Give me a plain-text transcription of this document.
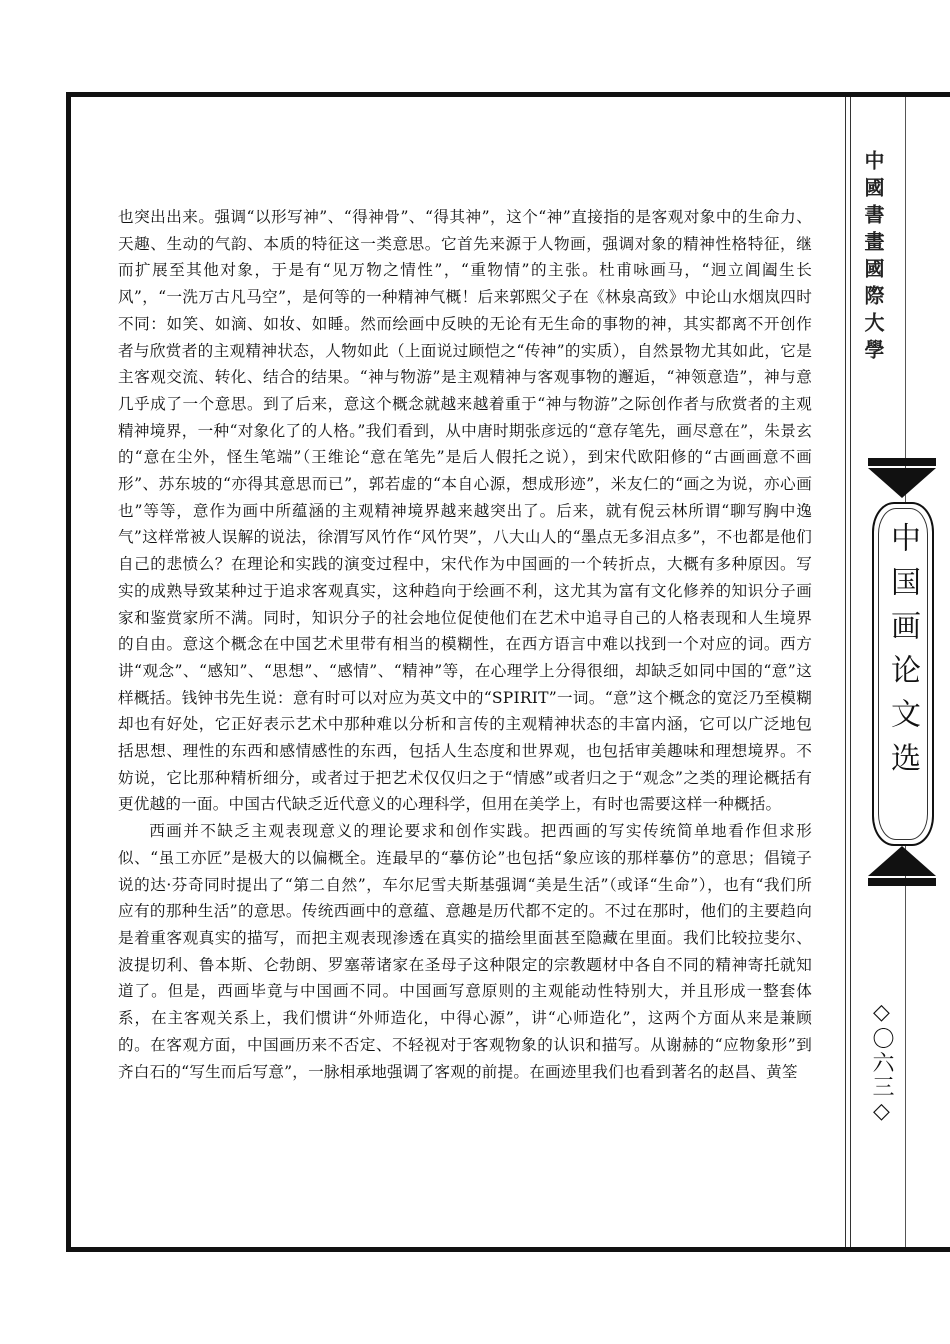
也突出出来。强调“以形写神”、“得神骨”、“得其神”，这个“神”直接指的是客观对象中的生命力、天趣、生动的气韵、本质的特征这一类意思。它首先来源于人物画，强调对象的精神性格特征，继而扩展至其他对象，于是有“见万物之情性”，“重物情”的主张。杜甫咏画马，“迥立阊阖生长风”，“一洗万古凡马空”，是何等的一种精神气概！后来郭熙父子在《林泉高致》中论山水烟岚四时不同：如笑、如滴、如妆、如睡。然而绘画中反映的无论有无生命的事物的神，其实都离不开创作者与欣赏者的主观精神状态，人物如此（上面说过顾恺之“传神”的实质），自然景物尤其如此，它是主客观交流、转化、结合的结果。“神与物游”是主观精神与客观事物的邂逅，“神领意造”，神与意几乎成了一个意思。到了后来，意这个概念就越来越着重于“神与物游”之际创作者与欣赏者的主观精神境界，一种“对象化了的人格。”我们看到，从中唐时期张彦远的“意存笔先，画尽意在”，朱景玄的“意在尘外，怪生笔端”（王维论“意在笔先”是后人假托之说），到宋代欧阳修的“古画画意不画形”、苏东坡的“亦得其意思而已”，郭若虚的“本自心源，想成形迹”，米友仁的“画之为说，亦心画也”等等，意作为画中所蕴涵的主观精神境界越来越突出了。后来，就有倪云林所谓“聊写胸中逸气”这样常被人误解的说法，徐渭写风竹作“风竹哭”，八大山人的“墨点无多泪点多”，不也都是他们自己的悲愤么？在理论和实践的演变过程中，宋代作为中国画的一个转折点，大概有多种原因。写实的成熟导致某种过于追求客观真实，这种趋向于绘画不利，这尤其为富有文化修养的知识分子画家和鉴赏家所不满。同时，知识分子的社会地位促使他们在艺术中追寻自己的人格表现和人生境界的自由。意这个概念在中国艺术里带有相当的模糊性，在西方语言中难以找到一个对应的词。西方讲“观念”、“感知”、“思想”、“感情”、“精神”等，在心理学上分得很细，却缺乏如同中国的“意”这样概括。钱钟书先生说：意有时可以对应为英文中的“SPIRIT”一词。“意”这个概念的宽泛乃至模糊却也有好处，它正好表示艺术中那种难以分析和言传的主观精神状态的丰富内涵，它可以广泛地包括思想、理性的东西和感情感性的东西，包括人生态度和世界观，也包括审美趣味和理想境界。不妨说，它比那种精析细分，或者过于把艺术仅仅归之于“情感”或者归之于“观念”之类的理论概括有更优越的一面。中国古代缺乏近代意义的心理科学，但用在美学上，有时也需要这样一种概括。

西画并不缺乏主观表现意义的理论要求和创作实践。把西画的写实传统简单地看作但求形似、“虽工亦匠”是极大的以偏概全。连最早的“摹仿论”也包括“象应该的那样摹仿”的意思；倡镜子说的达·芬奇同时提出了“第二自然”，车尔尼雪夫斯基强调“美是生活”（或译“生命”），也有“我们所应有的那种生活”的意思。传统西画中的意蕴、意趣是历代都不定的。不过在那时，他们的主要趋向是着重客观真实的描写，而把主观表现渗透在真实的描绘里面甚至隐藏在里面。我们比较拉斐尔、波提切利、鲁本斯、仑勃朗、罗塞蒂诸家在圣母子这种限定的宗教题材中各自不同的精神寄托就知道了。但是，西画毕竟与中国画不同。中国画写意原则的主观能动性特别大，并且形成一整套体系，在主客观关系上，我们惯讲“外师造化，中得心源”，讲“心师造化”，这两个方面从来是兼顾的。在客观方面，中国画历来不否定、不轻视对于客观物象的认识和描写。从谢赫的“应物象形”到齐白石的“写生而后写意”，一脉相承地强调了客观的前提。在画迹里我们也看到著名的赵昌、黄筌

中國書畫國際大學
中国画论文选
◇〇六三◇
